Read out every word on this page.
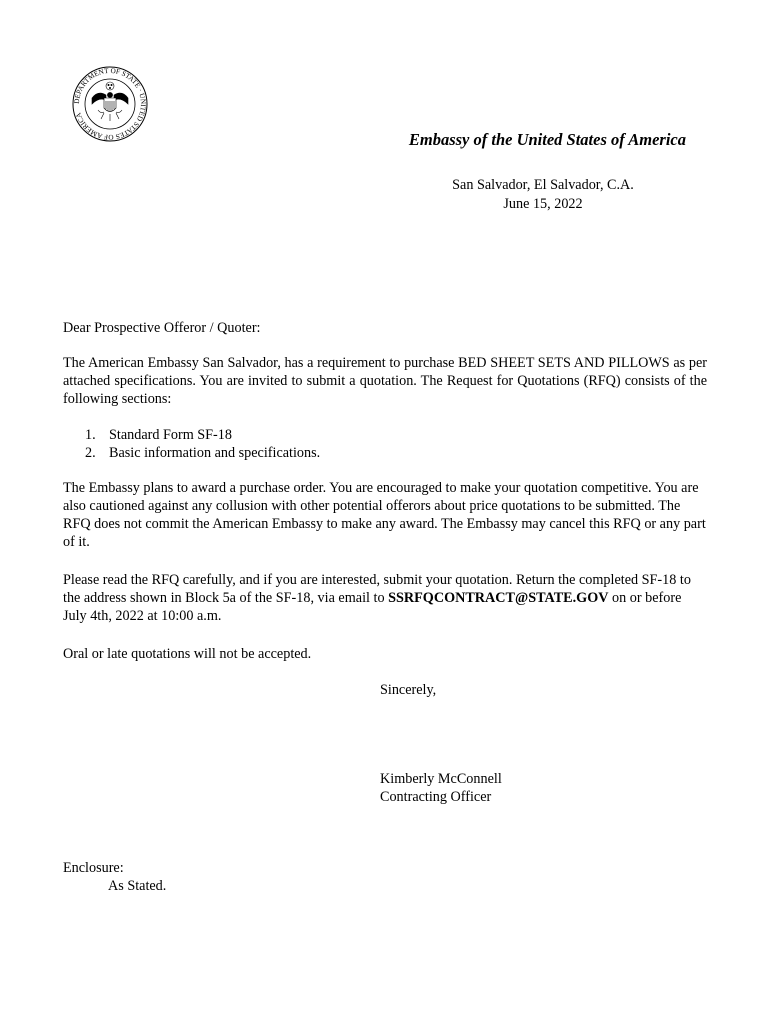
DEPARTMENT OF STATE · UNITED STATES OF AMERICA
Embassy of the United States of America
San Salvador, El Salvador, C.A.
June 15, 2022
Dear Prospective Offeror / Quoter:
The American Embassy San Salvador, has a requirement to purchase BED SHEET SETS AND PILLOWS as per attached specifications. You are invited to submit a quotation. The Request for Quotations (RFQ) consists of the following sections:
1. Standard Form SF-18
2. Basic information and specifications.
The Embassy plans to award a purchase order. You are encouraged to make your quotation competitive. You are also cautioned against any collusion with other potential offerors about price quotations to be submitted. The RFQ does not commit the American Embassy to make any award. The Embassy may cancel this RFQ or any part of it.
Please read the RFQ carefully, and if you are interested, submit your quotation. Return the completed SF-18 to the address shown in Block 5a of the SF-18, via email to SSRFQCONTRACT@STATE.GOV on or before July 4th, 2022 at 10:00 a.m.
Oral or late quotations will not be accepted.
Sincerely,
Kimberly McConnell
Contracting Officer
Enclosure:
As Stated.
